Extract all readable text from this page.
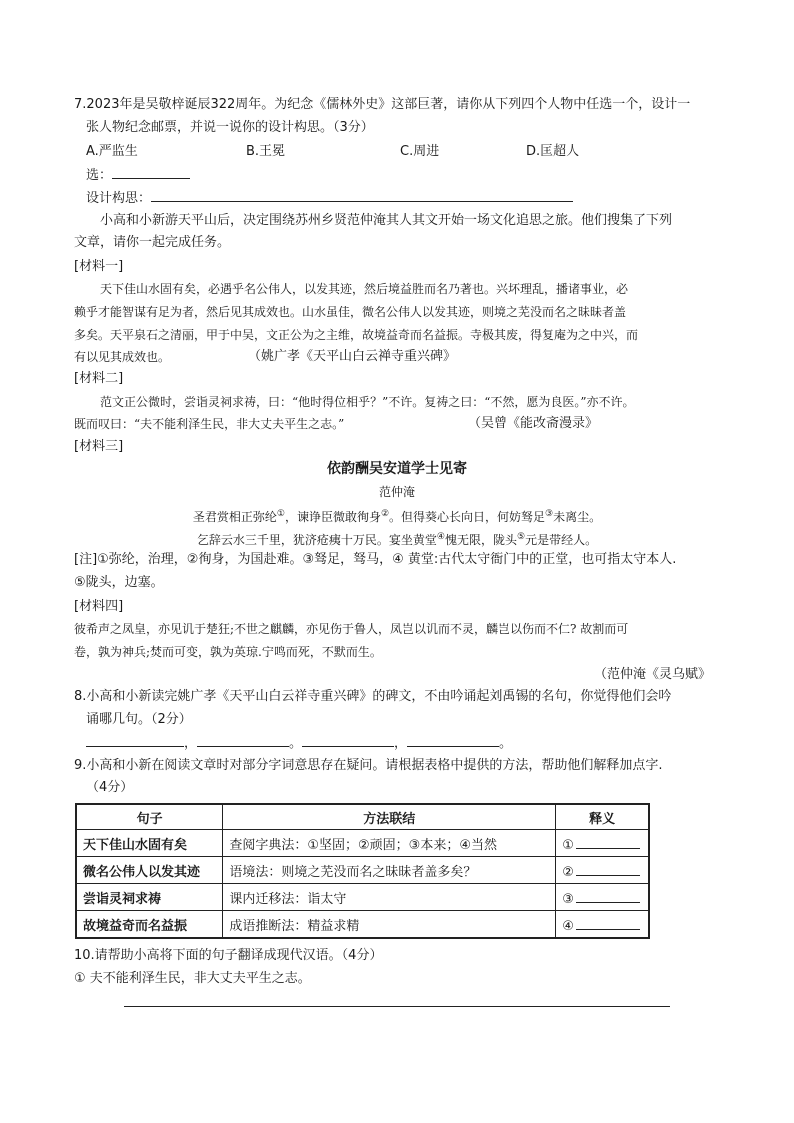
7.2023年是吴敬梓诞辰322周年。为纪念《儒林外史》这部巨著，请你从下列四个人物中任选一个，设计一
张人物纪念邮票，并说一说你的设计构思。（3分）
A.严监生	B.王冕	C.周进	D.匡超人
选：
设计构思：
小高和小新游天平山后，决定围绕苏州乡贤范仲淹其人其文开始一场文化追思之旅。他们搜集了下列
文章，请你一起完成任务。
[材料一]
天下佳山水固有矣，必遇乎名公伟人，以发其迹，然后境益胜而名乃著也。兴坏理乱，播诸事业，必
赖乎才能智谋有足为者，然后见其成效也。山水虽佳，微名公伟人以发其迹，则境之芜没而名之昧昧者盖
多矣。天平泉石之清丽，甲于中吴，文正公为之主维，故境益奇而名益振。寺极其废，得复庵为之中兴，而
有以见其成效也。	（姚广孝《天平山白云禅寺重兴碑》
[材料二]
范文正公微时，尝诣灵祠求祷，曰：“他时得位相乎？”不许。复祷之曰：“不然，愿为良医。”亦不许。
既而叹曰：“夫不能利泽生民，非大丈夫平生之志。”	（吴曾《能改斋漫录》
[材料三]
依韵酬吴安道学士见寄
范仲淹
圣君赏相正弥纶①，谏诤臣微敢徇身②。但得葵心长向日，何妨驽足③未离尘。
乞辞云水三千里，犹济疮痍十万民。宴坐黄堂④愧无限，陇头⑤元是带经人。
[注]①弥纶，治理，②徇身，为国赴难。③驽足，驽马，④ 黄堂:古代太守衙门中的正堂，也可指太守本人.
⑤陇头，边塞。
[材料四]
彼希声之凤皇，亦见讥于楚狂;不世之麒麟，亦见伤于鲁人，凤岂以讥而不灵，麟岂以伤而不仁? 故割而可
卷，孰为神兵;焚而可变，孰为英琼.宁鸣而死，不默而生。
（范仲淹《灵乌赋》
8.小高和小新读完姚广孝《天平山白云祥寺重兴碑》的碑文，不由吟诵起刘禹锡的名句，你觉得他们会吟
诵哪几句。（2分）
，	。	，	。
9.小高和小新在阅读文章时对部分字词意思存在疑问。请根据表格中提供的方法，帮助他们解释加点字.
（4分）
句子	方法联结	释义
天下佳山水固有矣	查阅字典法：①坚固；②顽固；③本来；④当然	①
微名公伟人以发其迹	语境法：则境之芜没而名之昧昧者盖多矣？	②
尝诣灵祠求祷	课内迁移法：诣太守	③
故境益奇而名益振	成语推断法：精益求精	④
10.请帮助小高将下面的句子翻译成现代汉语。（4分）
① 夫不能利泽生民，非大丈夫平生之志。
